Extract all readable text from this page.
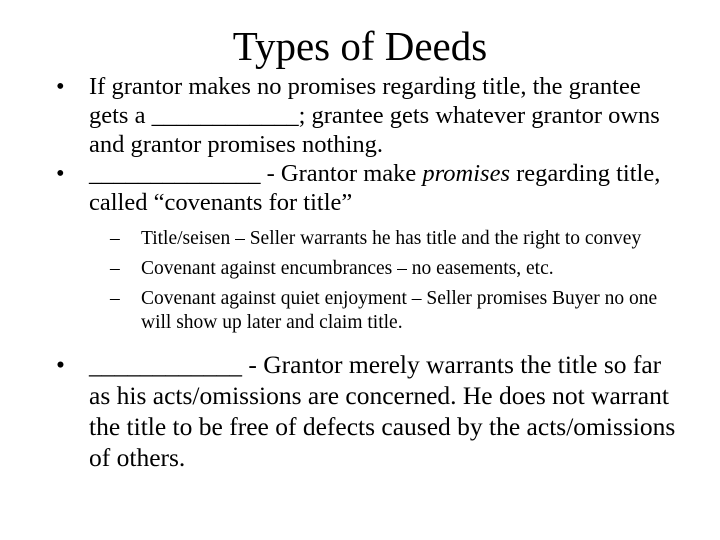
Types of Deeds
• If grantor makes no promises regarding title, the grantee gets a ____________; grantee gets whatever grantor owns and grantor promises nothing.
• ______________ - Grantor make promises regarding title, called “covenants for title”
– Title/seisen – Seller warrants he has title and the right to convey
– Covenant against encumbrances – no easements, etc.
– Covenant against quiet enjoyment – Seller promises Buyer no one will show up later and claim title.
• ____________ - Grantor merely warrants the title so far as his acts/omissions are concerned. He does not warrant the title to be free of defects caused by the acts/omissions of others.
